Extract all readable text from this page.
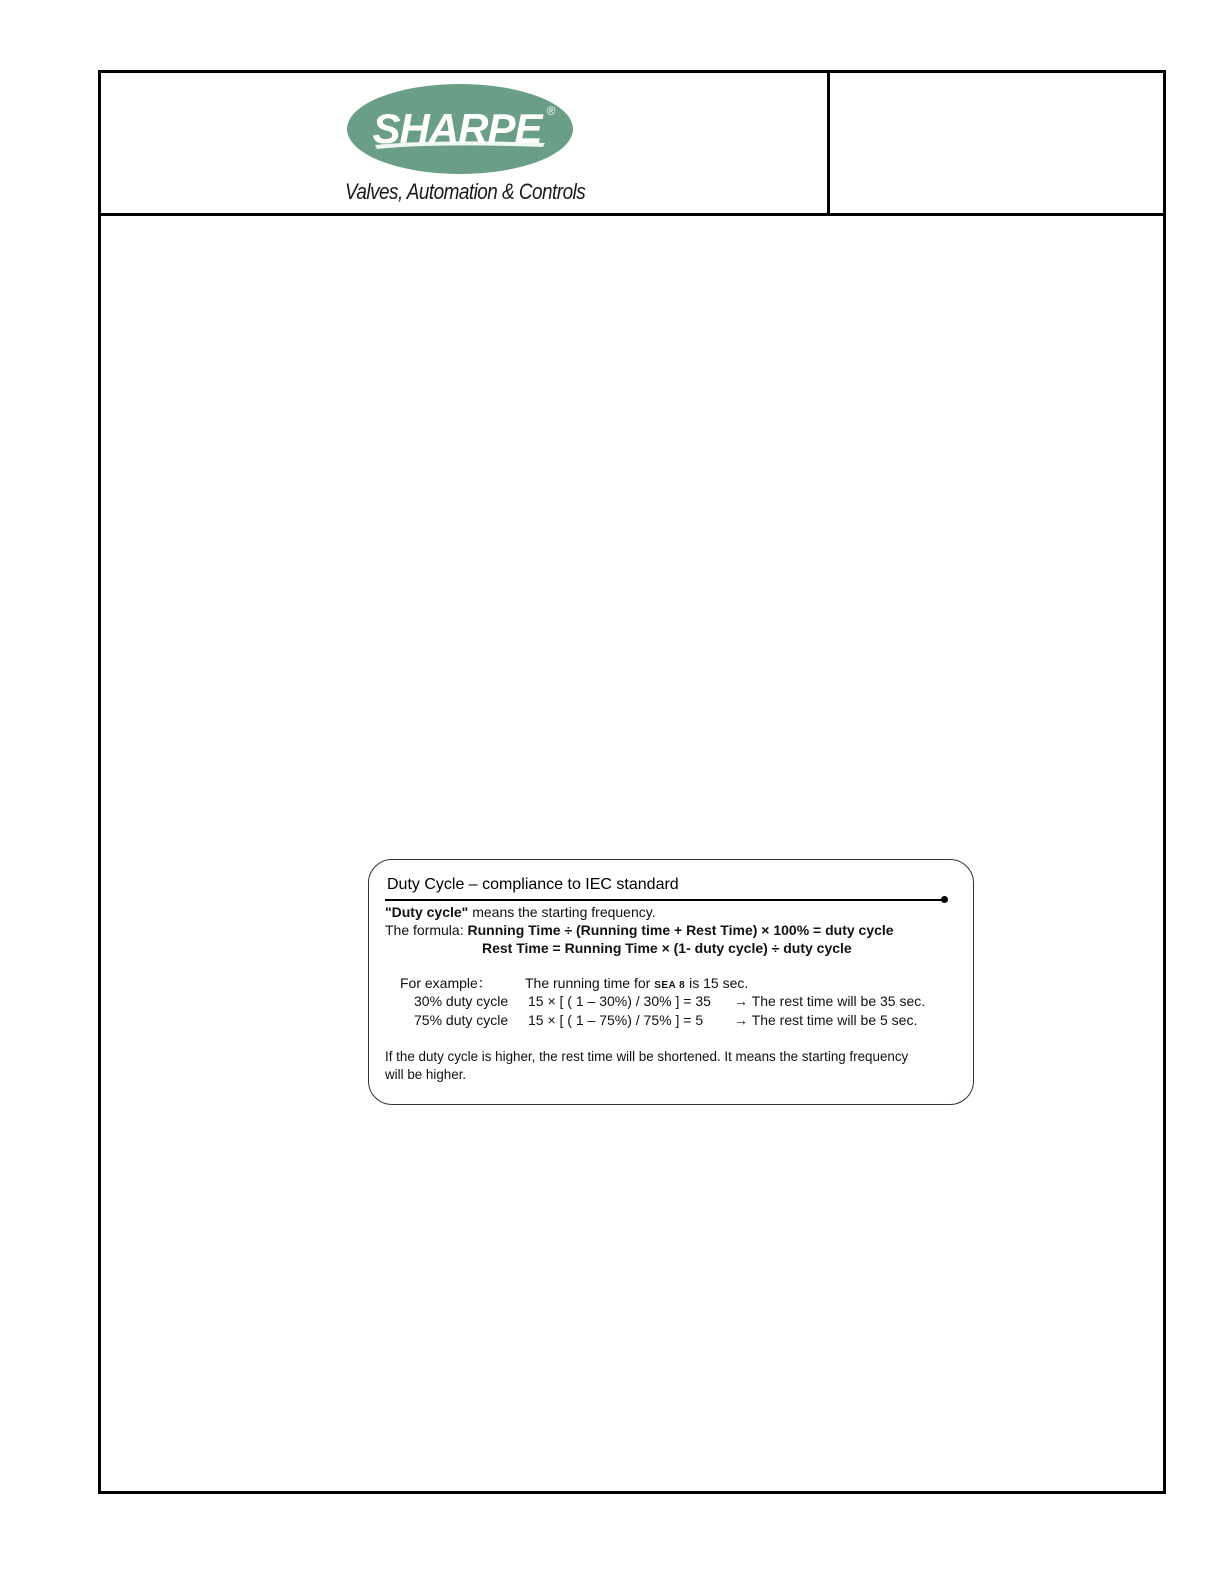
SHARPE ®
Valves, Automation & Controls
Duty Cycle – compliance to IEC standard
"Duty cycle" means the starting frequency.
The formula: Running Time ÷ (Running time + Rest Time) × 100% = duty cycle
Rest Time = Running Time × (1- duty cycle) ÷ duty cycle
For example： The running time for SEA 8 is 15 sec.
30% duty cycle 15 × [ ( 1 – 30%) / 30% ] = 35 → The rest time will be 35 sec.
75% duty cycle 15 × [ ( 1 – 75%) / 75% ] = 5 → The rest time will be 5 sec.
If the duty cycle is higher, the rest time will be shortened. It means the starting frequency
will be higher.
